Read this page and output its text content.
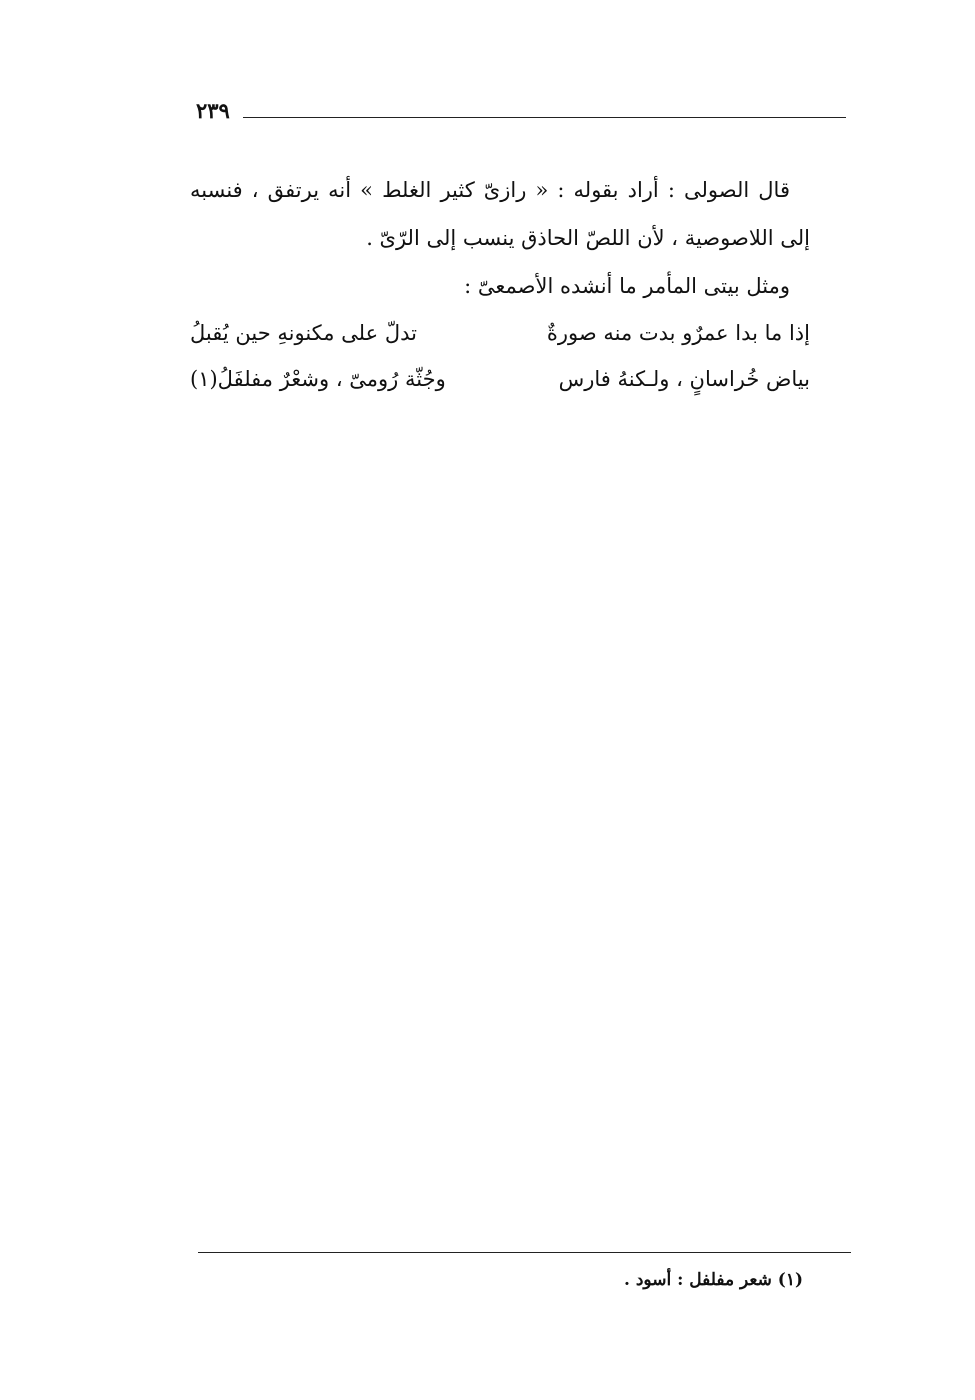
٢٣٩

قال الصولى : أراد بقوله : « رازىّ كثير الغلط » أنه يرتفق ، فنسبه إلى اللاصوصية ، لأن اللصّ الحاذق ينسب إلى الرّىّ .

ومثل بيتى المأمر ما أنشده الأصمعىّ :

إذا ما بدا عمرٌو بدت منه صورةٌ
تدلّ على مكنونهِ حين يُقبلُ
بياض خُراسانٍ ، ولـكنهُ فارس
وجُثّة رُومىّ ، وشعْرٌ مفلفَلُ(١)
(١) شعر مفلفل : أسود .
